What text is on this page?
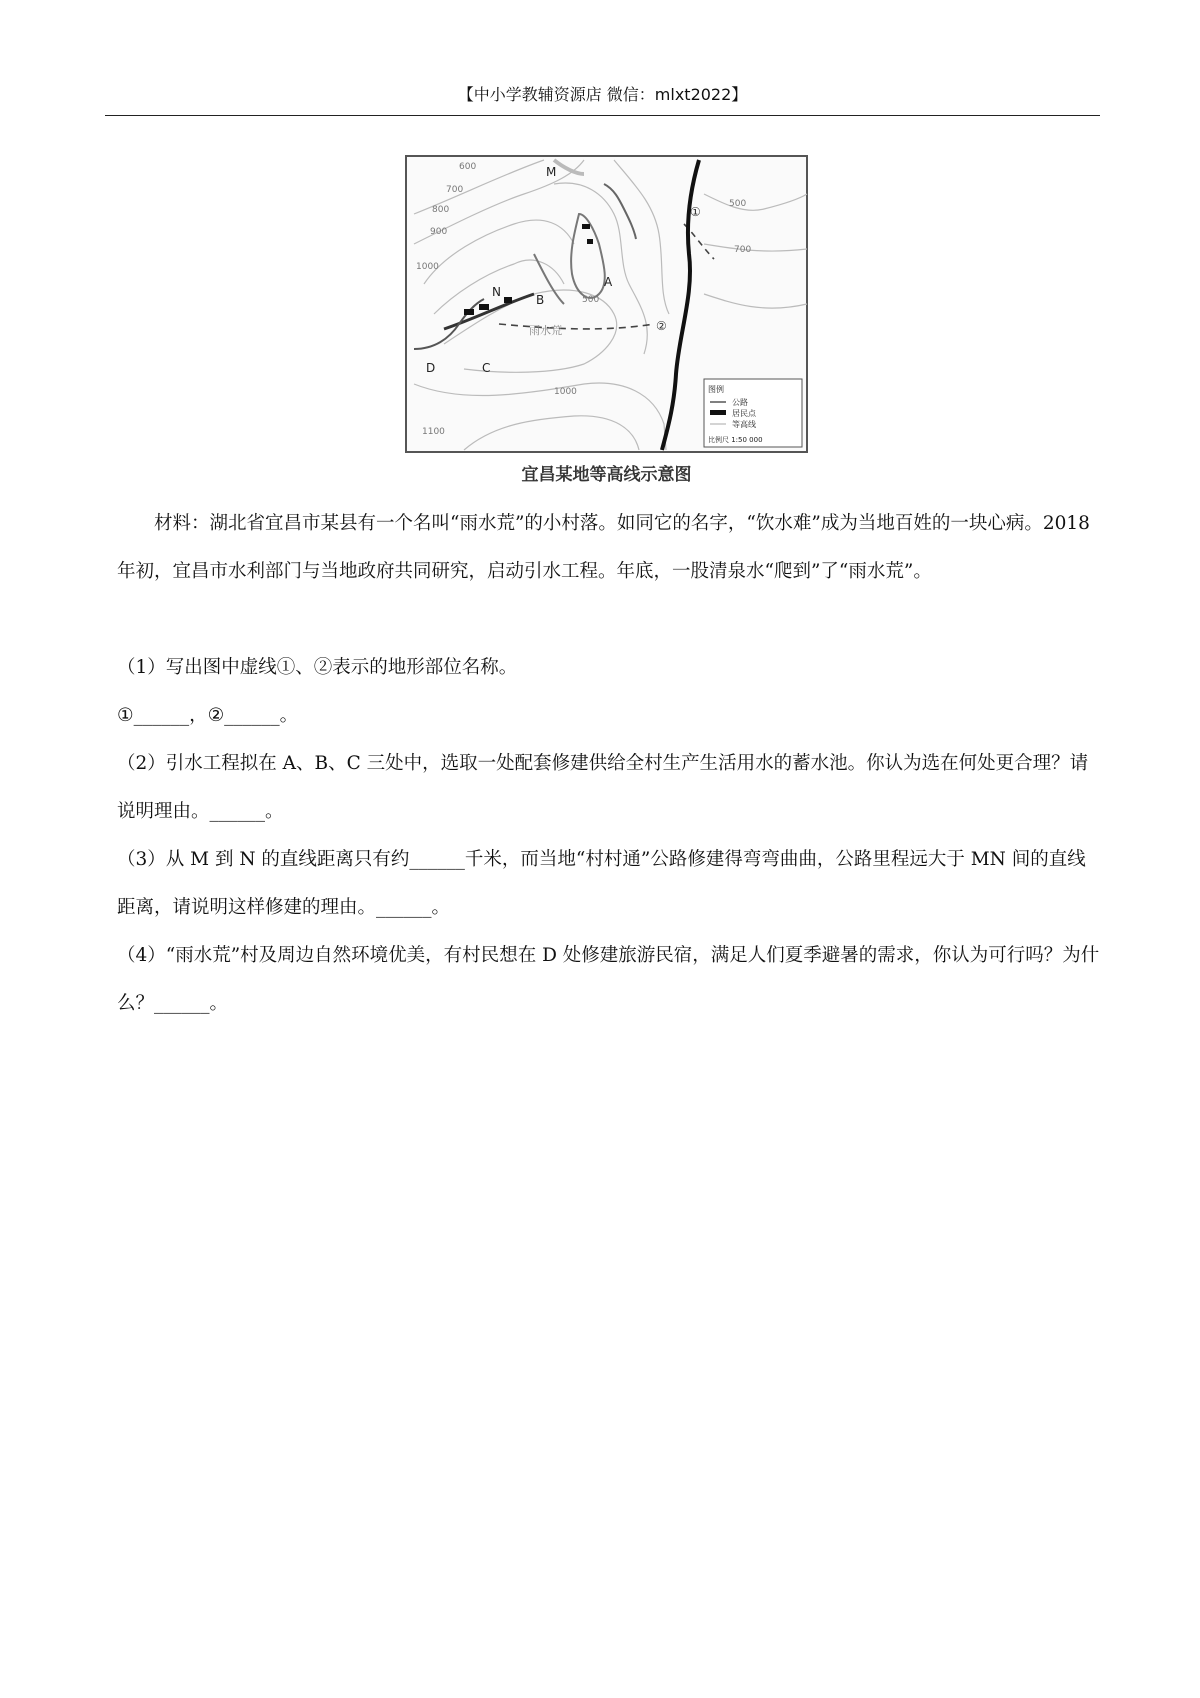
【中小学教辅资源店 微信：mlxt2022】
M
N
B
A
D	C
600
700
800
900
1000
1000
1100
500
700
500
①
②
雨水荒
图例
公路
居民点
等高线
比例尺 1:50 000
宜昌某地等高线示意图

材料：湖北省宜昌市某县有一个名叫“雨水荒”的小村落。如同它的名字，“饮水难”成为当地百姓的一块心病。2018 年初，宜昌市水利部门与当地政府共同研究，启动引水工程。年底，一股清泉水“爬到”了“雨水荒”。

（1）写出图中虚线①、②表示的地形部位名称。

①______，②______。

（2）引水工程拟在 A、B、C 三处中，选取一处配套修建供给全村生产生活用水的蓄水池。你认为选在何处更合理？请说明理由。______。

（3）从 M 到 N 的直线距离只有约______千米，而当地“村村通”公路修建得弯弯曲曲，公路里程远大于 MN 间的直线距离，请说明这样修建的理由。______。

（4）“雨水荒”村及周边自然环境优美，有村民想在 D 处修建旅游民宿，满足人们夏季避暑的需求，你认为可行吗？为什么？______。
